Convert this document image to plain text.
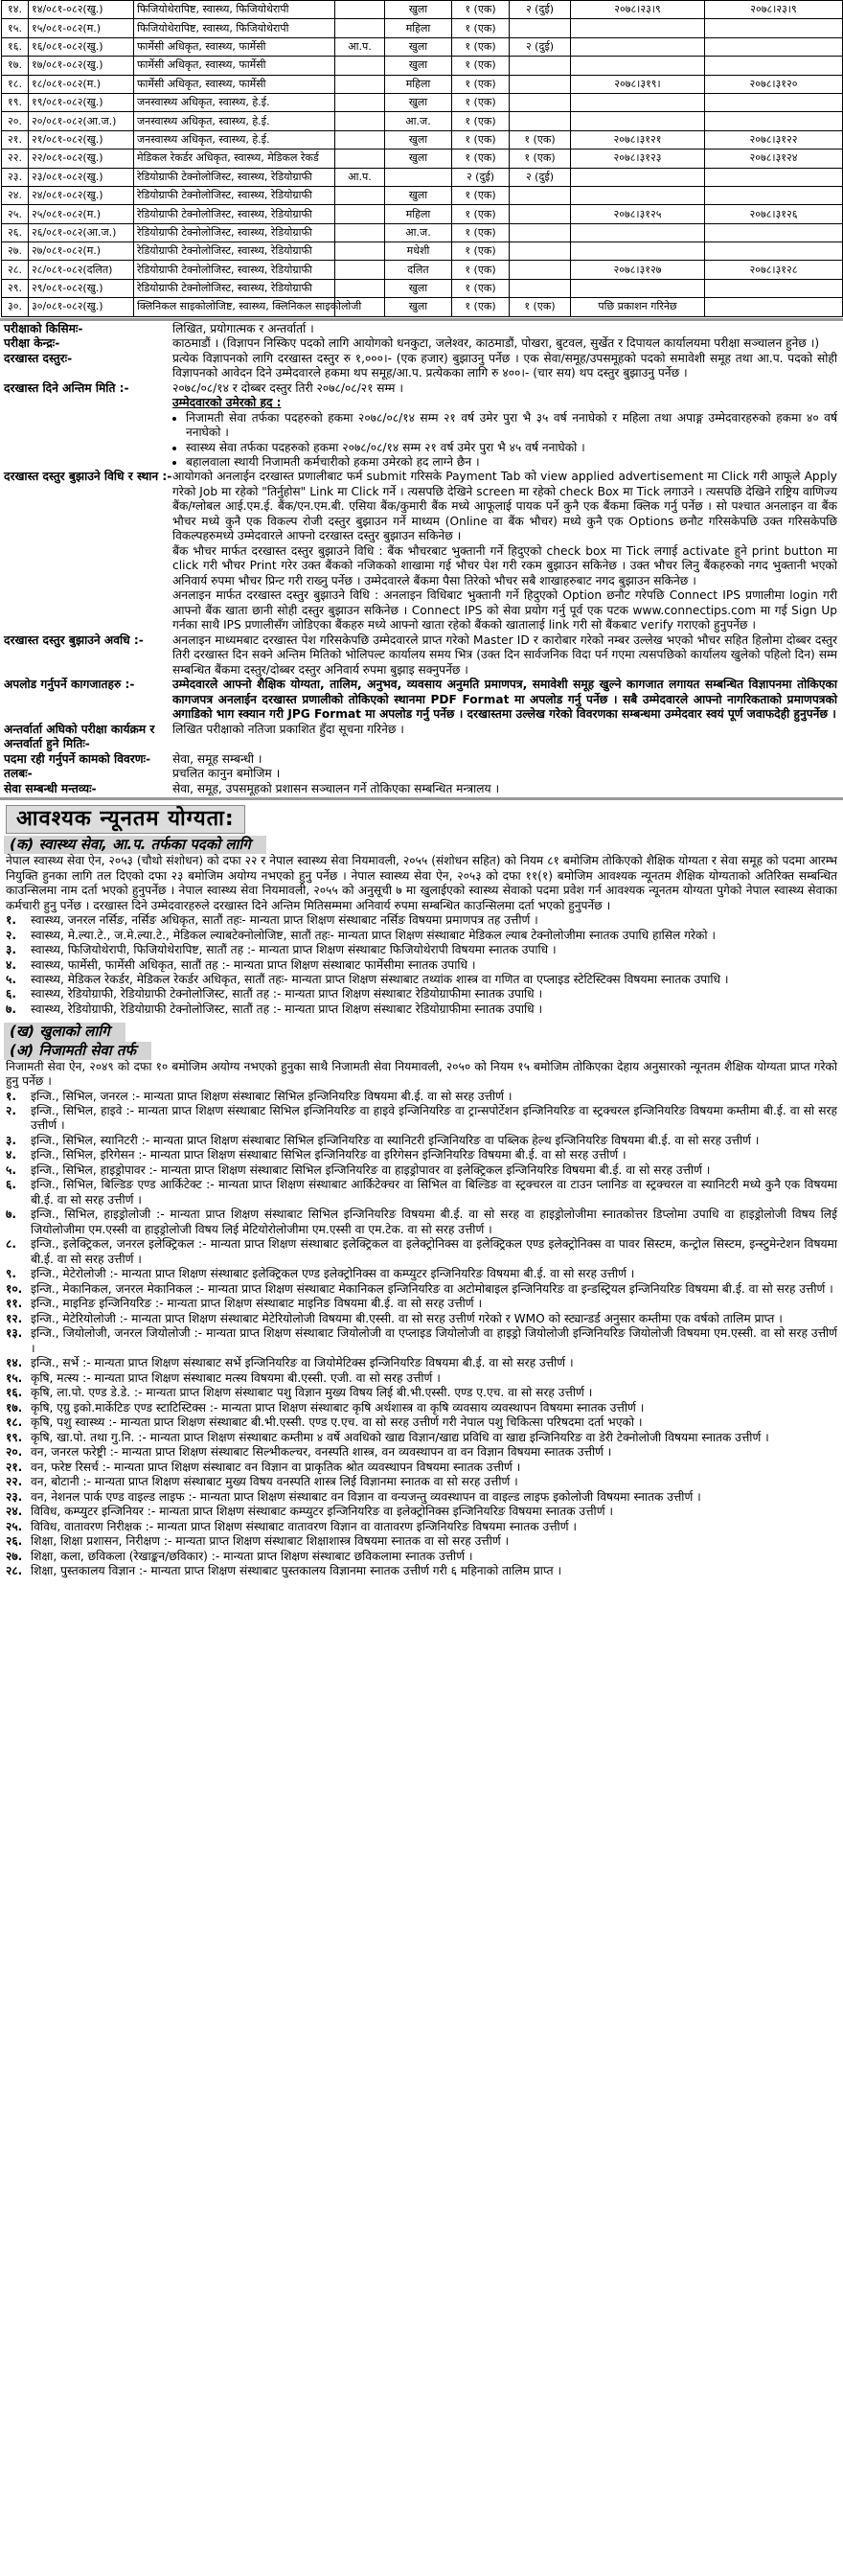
१४.	१४/०८१-०८२(खु.)	फिजियोथेरापिष्ट, स्वास्थ्य, फिजियोथेरापी		खुला	१ (एक)	२ (दुई)	२०७८।२३।९	२०७८।२३।९
१५.	१५/०८१-०८२(म.)	फिजियोथेरापिष्ट, स्वास्थ्य, फिजियोथेरापी		महिला	१ (एक)			
१६.	१६/०८१-०८२(खु.)	फार्मेसी अधिकृत, स्वास्थ्य, फार्मेसी	आ.प.	खुला	१ (एक)	२ (दुई)		
१७.	१७/०८१-०८२(खु.)	फार्मेसी अधिकृत, स्वास्थ्य, फार्मेसी		खुला	१ (एक)			
१८.	१८/०८१-०८२(म.)	फार्मेसी अधिकृत, स्वास्थ्य, फार्मेसी		महिला	१ (एक)		२०७८।३१९।	२०७८।३१२०
१९.	१९/०८१-०८२(खु.)	जनस्वास्थ्य अधिकृत, स्वास्थ्य, हे.ई.		खुला	१ (एक)			
२०.	२०/०८१-०८२(आ.ज.)	जनस्वास्थ्य अधिकृत, स्वास्थ्य, हे.ई.		आ.ज.	१ (एक)			
२१.	२१/०८१-०८२(खु.)	जनस्वास्थ्य अधिकृत, स्वास्थ्य, हे.ई.		खुला	१ (एक)	१ (एक)	२०७८।३१२१	२०७८।३१२२
२२.	२२/०८१-०८२(खु.)	मेडिकल रेकर्डर अधिकृत, स्वास्थ्य, मेडिकल रेकर्ड		खुला	१ (एक)	१ (एक)	२०७८।३१२३	२०७८।३१२४
२३.	२३/०८१-०८२(खु.)	रेडियोग्राफी टेक्नोलोजिस्ट, स्वास्थ्य, रेडियोग्राफी	आ.प.		२ (दुई)	२ (दुई)		
२४.	२४/०८१-०८२(खु.)	रेडियोग्राफी टेक्नोलोजिस्ट, स्वास्थ्य, रेडियोग्राफी		खुला	१ (एक)			
२५.	२५/०८१-०८२(म.)	रेडियोग्राफी टेक्नोलोजिस्ट, स्वास्थ्य, रेडियोग्राफी		महिला	१ (एक)		२०७८।३१२५	२०७८।३१२६
२६.	२६/०८१-०८२(आ.ज.)	रेडियोग्राफी टेक्नोलोजिस्ट, स्वास्थ्य, रेडियोग्राफी		आ.ज.	१ (एक)			
२७.	२७/०८१-०८२(म.)	रेडियोग्राफी टेक्नोलोजिस्ट, स्वास्थ्य, रेडियोग्राफी		मधेशी	१ (एक)			
२८.	२८/०८१-०८२(दलित)	रेडियोग्राफी टेक्नोलोजिस्ट, स्वास्थ्य, रेडियोग्राफी		दलित	१ (एक)		२०७८।३१२७	२०७८।३१२८
२९.	२९/०८१-०८२(खु.)	रेडियोग्राफी टेक्नोलोजिस्ट, स्वास्थ्य, रेडियोग्राफी		खुला	१ (एक)			
३०.	३०/०८१-०८२(खु.)	क्लिनिकल साइकोलोजिष्ट, स्वास्थ्य, क्लिनिकल साइकोलोजी		खुला	१ (एक)	१ (एक)	पछि प्रकाशन गरिनेछ	
परीक्षाको किसिमः-	लिखित, प्रयोगात्मक र अन्तर्वार्ता ।
परीक्षा केन्द्रः-	काठमाडौं । (विज्ञापन निस्किए पदको लागि आयोगको धनकुटा, जलेश्वर, काठमाडौं, पोखरा, बुटवल, सुर्खेत र दिपायल कार्यालयमा परीक्षा सञ्चालन हुनेछ ।)
दरखास्त दस्तुरः-	प्रत्येक विज्ञापनको लागि दरखास्त दस्तुर रु १,०००।- (एक हजार) बुझाउनु पर्नेछ । एक सेवा/समूह/उपसमूहको पदको समावेशी समूह तथा आ.प. पदको सोही विज्ञापनको आवेदन दिने उम्मेदवारले हकमा थप समूह/आ.प. प्रत्येकका लागि रु ४००।- (चार सय) थप दस्तुर बुझाउनु पर्नेछ ।
दरखास्त दिने अन्तिम मिति :-	२०७८/०८/१४ र दोब्बर दस्तुर तिरी २०७८/०८/२१ सम्म ।
उम्मेदवारको उमेरको हद :
• निजामती सेवा तर्फका पदहरुको हकमा २०७८/०८/१४ सम्म २१ वर्ष उमेर पुरा भै ३५ वर्ष ननाघेको र महिला तथा अपाङ्ग उम्मेदवारहरुको हकमा ४० वर्ष ननाघेको ।
• स्वास्थ्य सेवा तर्फका पदहरुको हकमा २०७८/०८/१४ सम्म २१ वर्ष उमेर पुरा भै ४५ वर्ष ननाघेको ।
• बहालवाला स्थायी निजामती कर्मचारीको हकमा उमेरको हद लाग्ने छैन ।
दरखास्त दस्तुर बुझाउने विधि र स्थान :- आयोगको अनलाईन दरखास्त प्रणालीबाट फर्म submit गरिसके Payment Tab को view applied advertisement मा Click गरी आफूले Apply गरेको Job मा रहेको "तिर्नुहोस" Link मा Click गर्ने । त्यसपछि देखिने screen मा रहेको check Box मा Tick लगाउने । त्यसपछि देखिने राष्ट्रिय वाणिज्य बैंक/ग्लोबल आई.एम.ई. बैंक/एन.एम.बी. एसिया बैंक/कुमारी बैंक मध्ये आफूलाई पायक पर्ने कुनै एक बैंकमा क्लिक गर्नु पर्नेछ । सो पश्चात अनलाइन वा बैंक भौचर मध्ये कुनै एक विकल्प रोजी दस्तुर बुझाउन गर्ने माध्यम (Online वा बैंक भौचर) मध्ये कुनै एक Options छनौट गरिसकेपछि उक्त गरिसकेपछि विकल्पहरुमध्ये उम्मेदवारले आफ्नो दरखास्त दस्तुर बुझाउन सकिनेछ ।
बैंक भौचर मार्फत दरखास्त दस्तुर बुझाउने विधि : बैंक भौचरबाट भुक्तानी गर्ने हिदुएको check box मा Tick लगाई activate हुने print button मा click गरी भौचर Print गरेर उक्त बैंकको नजिकको शाखामा गई भौचर पेश गरी रकम बुझाउन सकिनेछ । उक्त भौचर लिनु बैंकहरुको नगद भुक्तानी भएको अनिवार्य रुपमा भौचर प्रिन्ट गरी राख्नु पर्नेछ । उम्मेदवारले बैंकमा पैसा तिरेको भौचर सबै शाखाहरुबाट नगद बुझाउन सकिनेछ ।
अनलाइन मार्फत दरखास्त दस्तुर बुझाउने विधि : अनलाइन विधिबाट भुक्तानी गर्ने हिदुएको Option छनौट गरेपछि Connect IPS प्रणालीमा login गरी आफ्नो बैंक खाता छानी सोही दस्तुर बुझाउन सकिनेछ । Connect IPS को सेवा प्रयोग गर्नु पूर्व एक पटक www.connectips.com मा गई Sign Up गर्नका साथै IPS प्रणालीसँग जोडिएका बैंकहरु मध्ये आफ्नो खाता रहेको बैंकको खातालाई link गरी सो बैंकबाट verify गराएको हुनुपर्नेछ ।
दरखास्त दस्तुर बुझाउने अवधि :-	अनलाइन माध्यमबाट दरखास्त पेश गरिसकेपछि उम्मेदवारले प्राप्त गरेको Master ID र कारोबार गरेको नम्बर उल्लेख भएको भौचर सहित हिलोमा दोब्बर दस्तुर तिरी दरखास्त दिन सक्ने अन्तिम मितिको भोलिपल्ट कार्यालय समय भित्र (उक्त दिन सार्वजनिक विदा पर्न गएमा त्यसपछिको कार्यालय खुलेको पहिलो दिन) सम्म सम्बन्धित बैंकमा दस्तुर/दोब्बर दस्तुर अनिवार्य रुपमा बुझाइ सक्नुपर्नेछ ।
अपलोड गर्नुपर्ने कागजातहरु :-	उम्मेदवारले आफ्नो शैक्षिक योग्यता, तालिम, अनुभव, व्यवसाय अनुमति प्रमाणपत्र, समावेशी समूह खुल्ने कागजात लगायत सम्बन्धित विज्ञापनमा तोकिएका कागजपत्र अनलाईन दरखास्त प्रणालीको तोकिएको स्थानमा PDF Format मा अपलोड गर्नु पर्नेछ । सबै उम्मेदवारले आफ्नो नागरिकताको प्रमाणपत्रको अगाडिको भाग स्क्यान गरी JPG Format मा अपलोड गर्नु पर्नेछ । दरखास्तमा उल्लेख गरेको विवरणका सम्बन्धमा उम्मेदवार स्वयं पूर्ण जवाफदेही हुनुपर्नेछ ।
अन्तर्वार्ता अघिको परीक्षा कार्यक्रम र अन्तर्वार्ता हुने मितिः-
लिखित परीक्षाको नतिजा प्रकाशित हुँदा सूचना गरिनेछ ।
पदमा रही गर्नुपर्ने कामको विवरणः-	सेवा, समूह सम्बन्धी ।
तलबः-	प्रचलित कानुन बमोजिम ।
सेवा सम्बन्धी मन्तव्यः-	सेवा, समूह, उपसमूहको प्रशासन सञ्चालन गर्ने तोकिएका सम्बन्धित मन्त्रालय ।
आवश्यक न्यूनतम योग्यता:
(क) स्वास्थ्य सेवा, आ.प. तर्फका पदको लागि
नेपाल स्वास्थ्य सेवा ऐन, २०५३ (चौथो संशोधन) को दफा २२ र नेपाल स्वास्थ्य सेवा नियमावली, २०५५ (संशोधन सहित) को नियम ८१ बमोजिम तोकिएको शैक्षिक योग्यता र सेवा समूह को पदमा आरम्भ नियुक्ति हुनका लागि तल दिएको दफा २३ बमोजिम अयोग्य नभएको हुनु पर्नेछ । नेपाल स्वास्थ्य सेवा ऐन, २०५३ को दफा ११(१) बमोजिम आवश्यक न्यूनतम शैक्षिक योग्यताको अतिरिक्त सम्बन्धित काउन्सिलमा नाम दर्ता भएको हुनुपर्नेछ । नेपाल स्वास्थ्य सेवा नियमावली, २०५५ को अनुसूची ७ मा खुलाईएको स्वास्थ्य सेवाको पदमा प्रवेश गर्न आवश्यक न्यूनतम योग्यता पुगेको नेपाल स्वास्थ्य सेवाका कर्मचारी हुनु पर्नेछ । दरखास्त दिने उम्मेदवारहरुले दरखास्त दिने अन्तिम मितिसम्ममा अनिवार्य रुपमा सम्बन्धित काउन्सिलमा दर्ता भएको हुनुपर्नेछ ।
१.	स्वास्थ्य, जनरल नर्सिङ, नर्सिङ अधिकृत, सातौं तहः- मान्यता प्राप्त शिक्षण संस्थाबाट नर्सिङ विषयमा प्रमाणपत्र तह उत्तीर्ण ।
२.	स्वास्थ्य, मे.ल्या.टे., ज.मे.ल्या.टे., मेडिकल ल्याबटेक्नोलोजिष्ट, सातौं तहः- मान्यता प्राप्त शिक्षण संस्थाबाट मेडिकल ल्याब टेक्नोलोजीमा स्नातक उपाधि हासिल गरेको ।
३.	स्वास्थ्य, फिजियोथेरापी, फिजियोथेरापिष्ट, सातौं तह :- मान्यता प्राप्त शिक्षण संस्थाबाट फिजियोथेरापी विषयमा स्नातक उपाधि ।
४.	स्वास्थ्य, फार्मेसी, फार्मेसी अधिकृत, सातौं तह :- मान्यता प्राप्त शिक्षण संस्थाबाट फार्मेसीमा स्नातक उपाधि ।
५.	स्वास्थ्य, मेडिकल रेकर्डर, मेडिकल रेकर्डर अधिकृत, सातौं तहः- मान्यता प्राप्त शिक्षण संस्थाबाट तथ्यांक शास्त्र वा गणित वा एप्लाइड स्टेटिस्टिक्स विषयमा स्नातक उपाधि ।
६.	स्वास्थ्य, रेडियोग्राफी, रेडियोग्राफी टेक्नोलोजिस्ट, सातौं तह :- मान्यता प्राप्त शिक्षण संस्थाबाट रेडियोग्राफीमा स्नातक उपाधि ।
७.	स्वास्थ्य, रेडियोग्राफी, रेडियोग्राफी टेक्नोलोजिस्ट, सातौं तह :- मान्यता प्राप्त शिक्षण संस्थाबाट रेडियोग्राफीमा स्नातक उपाधि ।
(ख) खुलाको लागि
(अ) निजामती सेवा तर्फ
निजामती सेवा ऐन, २०४९ को दफा १० बमोजिम अयोग्य नभएको हुनुका साथै निजामती सेवा नियमावली, २०५० को नियम १५ बमोजिम तोकिएका देहाय अनुसारको न्यूनतम शैक्षिक योग्यता प्राप्त गरेको हुनु पर्नेछ ।
१.	इन्जि., सिभिल, जनरल :- मान्यता प्राप्त शिक्षण संस्थाबाट सिभिल इन्जिनियरिङ विषयमा बी.ई. वा सो सरह उत्तीर्ण ।
२.	इन्जि., सिभिल, हाइवे :- मान्यता प्राप्त शिक्षण संस्थाबाट सिभिल इन्जिनियरिङ वा हाइवे इन्जिनियरिङ वा ट्रान्सपोर्टेशन इन्जिनियरिङ वा स्ट्रक्चरल इन्जिनियरिङ विषयमा कम्तीमा बी.ई. वा सो सरह उत्तीर्ण ।
३.	इन्जि., सिभिल, स्यानिटरी :- मान्यता प्राप्त शिक्षण संस्थाबाट सिभिल इन्जिनियरिङ वा स्यानिटरी इन्जिनियरिङ वा पब्लिक हेल्थ इन्जिनियरिङ विषयमा बी.ई. वा सो सरह उत्तीर्ण ।
४.	इन्जि., सिभिल, इरिगेसन :- मान्यता प्राप्त शिक्षण संस्थाबाट सिभिल इन्जिनियरिङ वा इरिगेसन इन्जिनियरिङ विषयमा बी.ई. वा सो सरह उत्तीर्ण ।
५.	इन्जि., सिभिल, हाइड्रोपावर :- मान्यता प्राप्त शिक्षण संस्थाबाट सिभिल इन्जिनियरिङ वा हाइड्रोपावर वा इलेक्ट्रिकल इन्जिनियरिङ विषयमा बी.ई. वा सो सरह उत्तीर्ण ।
६.	इन्जि., सिभिल, बिल्डिङ एण्ड आर्किटेक्ट :- मान्यता प्राप्त शिक्षण संस्थाबाट आर्किटेक्चर वा सिभिल वा बिल्डिङ वा स्ट्रक्चरल वा टाउन प्लानिङ वा स्ट्रक्चरल वा स्यानिटरी मध्ये कुनै एक विषयमा बी.ई. वा सो सरह उत्तीर्ण ।
७.	इन्जि., सिभिल, हाइड्रोलोजी :- मान्यता प्राप्त शिक्षण संस्थाबाट सिभिल इन्जिनियरिङ विषयमा बी.ई. वा सो सरह वा हाइड्रोलोजीमा स्नातकोत्तर डिप्लोमा उपाधि वा हाइड्रोलोजी विषय लिई जियोलोजीमा एम.एस्सी वा हाइड्रोलोजी विषय लिई मेटियोरोलोजीमा एम.एस्सी वा एम.टेक. वा सो सरह उत्तीर्ण ।
८.	इन्जि., इलेक्ट्रिकल, जनरल इलेक्ट्रिकल :- मान्यता प्राप्त शिक्षण संस्थाबाट इलेक्ट्रिकल वा इलेक्ट्रोनिक्स वा इलेक्ट्रिकल एण्ड इलेक्ट्रोनिक्स वा पावर सिस्टम, कन्ट्रोल सिस्टम, इन्स्टुमेन्टेशन विषयमा बी.ई. वा सो सरह उत्तीर्ण ।
९.	इन्जि., मेटेरोलोजी :- मान्यता प्राप्त शिक्षण संस्थाबाट इलेक्ट्रिकल एण्ड इलेक्ट्रोनिक्स वा कम्प्युटर इन्जिनियरिङ विषयमा बी.ई. वा सो सरह उत्तीर्ण ।
१०. इन्जि., मेकानिकल, जनरल मेकानिकल :- मान्यता प्राप्त शिक्षण संस्थाबाट मेकानिकल इन्जिनियरिङ वा अटोमोबाइल इन्जिनियरिङ वा इन्डस्ट्रियल इन्जिनियरिङ विषयमा बी.ई. वा सो सरह उत्तीर्ण ।
११. इन्जि., माइनिङ इन्जिनियरिङ :- मान्यता प्राप्त शिक्षण संस्थाबाट माइनिङ विषयमा बी.ई. वा सो सरह उत्तीर्ण ।
१२. इन्जि., मेटेरियोलोजी :- मान्यता प्राप्त शिक्षण संस्थाबाट मेटेरियोलोजी विषयमा बी.एस्सी. वा सो सरह उत्तीर्ण गरेको र WMO को स्ट्यान्डर्ड अनुसार कम्तीमा एक वर्षको तालिम प्राप्त ।
१३. इन्जि., जियोलोजी, जनरल जियोलोजी :- मान्यता प्राप्त शिक्षण संस्थाबाट जियोलोजी वा एप्लाइड जियोलोजी वा हाइड्रो जियोलोजी इन्जिनियरिङ जियोलोजी विषयमा एम.एस्सी. वा सो सरह उत्तीर्ण ।
१४. इन्जि., सर्भे :- मान्यता प्राप्त शिक्षण संस्थाबाट सर्भे इन्जिनियरिङ वा जियोमेटिक्स इन्जिनियरिङ विषयमा बी.ई. वा सो सरह उत्तीर्ण ।
१५. कृषि, मत्स्य :- मान्यता प्राप्त शिक्षण संस्थाबाट मत्स्य विषयमा बी.एस्सी. एजी. वा सो सरह उत्तीर्ण ।
१६. कृषि, ला.पो. एण्ड डे.डे. :- मान्यता प्राप्त शिक्षण संस्थाबाट पशु विज्ञान मुख्य विषय लिई बी.भी.एस्सी. एण्ड ए.एच. वा सो सरह उत्तीर्ण ।
१७. कृषि, एग्रु इको.मार्केटिङ एण्ड स्टाटिस्टिक्स :- मान्यता प्राप्त शिक्षण संस्थाबाट कृषि अर्थशास्त्र वा कृषि व्यवसाय व्यवस्थापन विषयमा स्नातक उत्तीर्ण ।
१८. कृषि, पशु स्वास्थ्य :- मान्यता प्राप्त शिक्षण संस्थाबाट बी.भी.एस्सी. एण्ड ए.एच. वा सो सरह उत्तीर्ण गरी नेपाल पशु चिकित्सा परिषदमा दर्ता भएको ।
१९. कृषि, खा.पो. तथा गु.नि. :- मान्यता प्राप्त शिक्षण संस्थाबाट कम्तीमा ४ वर्षे अवधिको खाद्य विज्ञान/खाद्य प्रविधि वा खाद्य इन्जिनियरिङ वा डेरी टेक्नोलोजी विषयमा स्नातक उत्तीर्ण ।
२०. वन, जनरल फरेष्ट्री :- मान्यता प्राप्त शिक्षण संस्थाबाट सिल्भीकल्चर, वनस्पति शास्त्र, वन व्यवस्थापन वा वन विज्ञान विषयमा स्नातक उत्तीर्ण ।
२१. वन, फरेष्ट रिसर्च :- मान्यता प्राप्त शिक्षण संस्थाबाट वन विज्ञान वा प्राकृतिक श्रोत व्यवस्थापन विषयमा स्नातक उत्तीर्ण ।
२२. वन, बोटानी :- मान्यता प्राप्त शिक्षण संस्थाबाट मुख्य विषय वनस्पति शास्त्र लिई विज्ञानमा स्नातक वा सो सरह उत्तीर्ण ।
२३. वन, नेशनल पार्क एण्ड वाइल्ड लाइफ :- मान्यता प्राप्त शिक्षण संस्थाबाट वन विज्ञान वा वन्यजन्तु व्यवस्थापन वा वाइल्ड लाइफ इकोलोजी विषयमा स्नातक उत्तीर्ण ।
२४. विविध, कम्प्युटर इन्जिनियर :- मान्यता प्राप्त शिक्षण संस्थाबाट कम्प्युटर इन्जिनियरिङ वा इलेक्ट्रोनिक्स इन्जिनियरिङ विषयमा स्नातक उत्तीर्ण ।
२५. विविध, वातावरण निरीक्षक :- मान्यता प्राप्त शिक्षण संस्थाबाट वातावरण विज्ञान वा वातावरण इन्जिनियरिङ विषयमा स्नातक उत्तीर्ण ।
२६. शिक्षा, शिक्षा प्रशासन, निरीक्षण :- मान्यता प्राप्त शिक्षण संस्थाबाट शिक्षाशास्त्र विषयमा स्नातक वा सो सरह उत्तीर्ण ।
२७. शिक्षा, कला, छविकला (रेखाङ्कन/छविकार) :- मान्यता प्राप्त शिक्षण संस्थाबाट छविकलामा स्नातक उत्तीर्ण ।
२८. शिक्षा, पुस्तकालय विज्ञान :- मान्यता प्राप्त शिक्षण संस्थाबाट पुस्तकालय विज्ञानमा स्नातक उत्तीर्ण गरी ६ महिनाको तालिम प्राप्त ।
